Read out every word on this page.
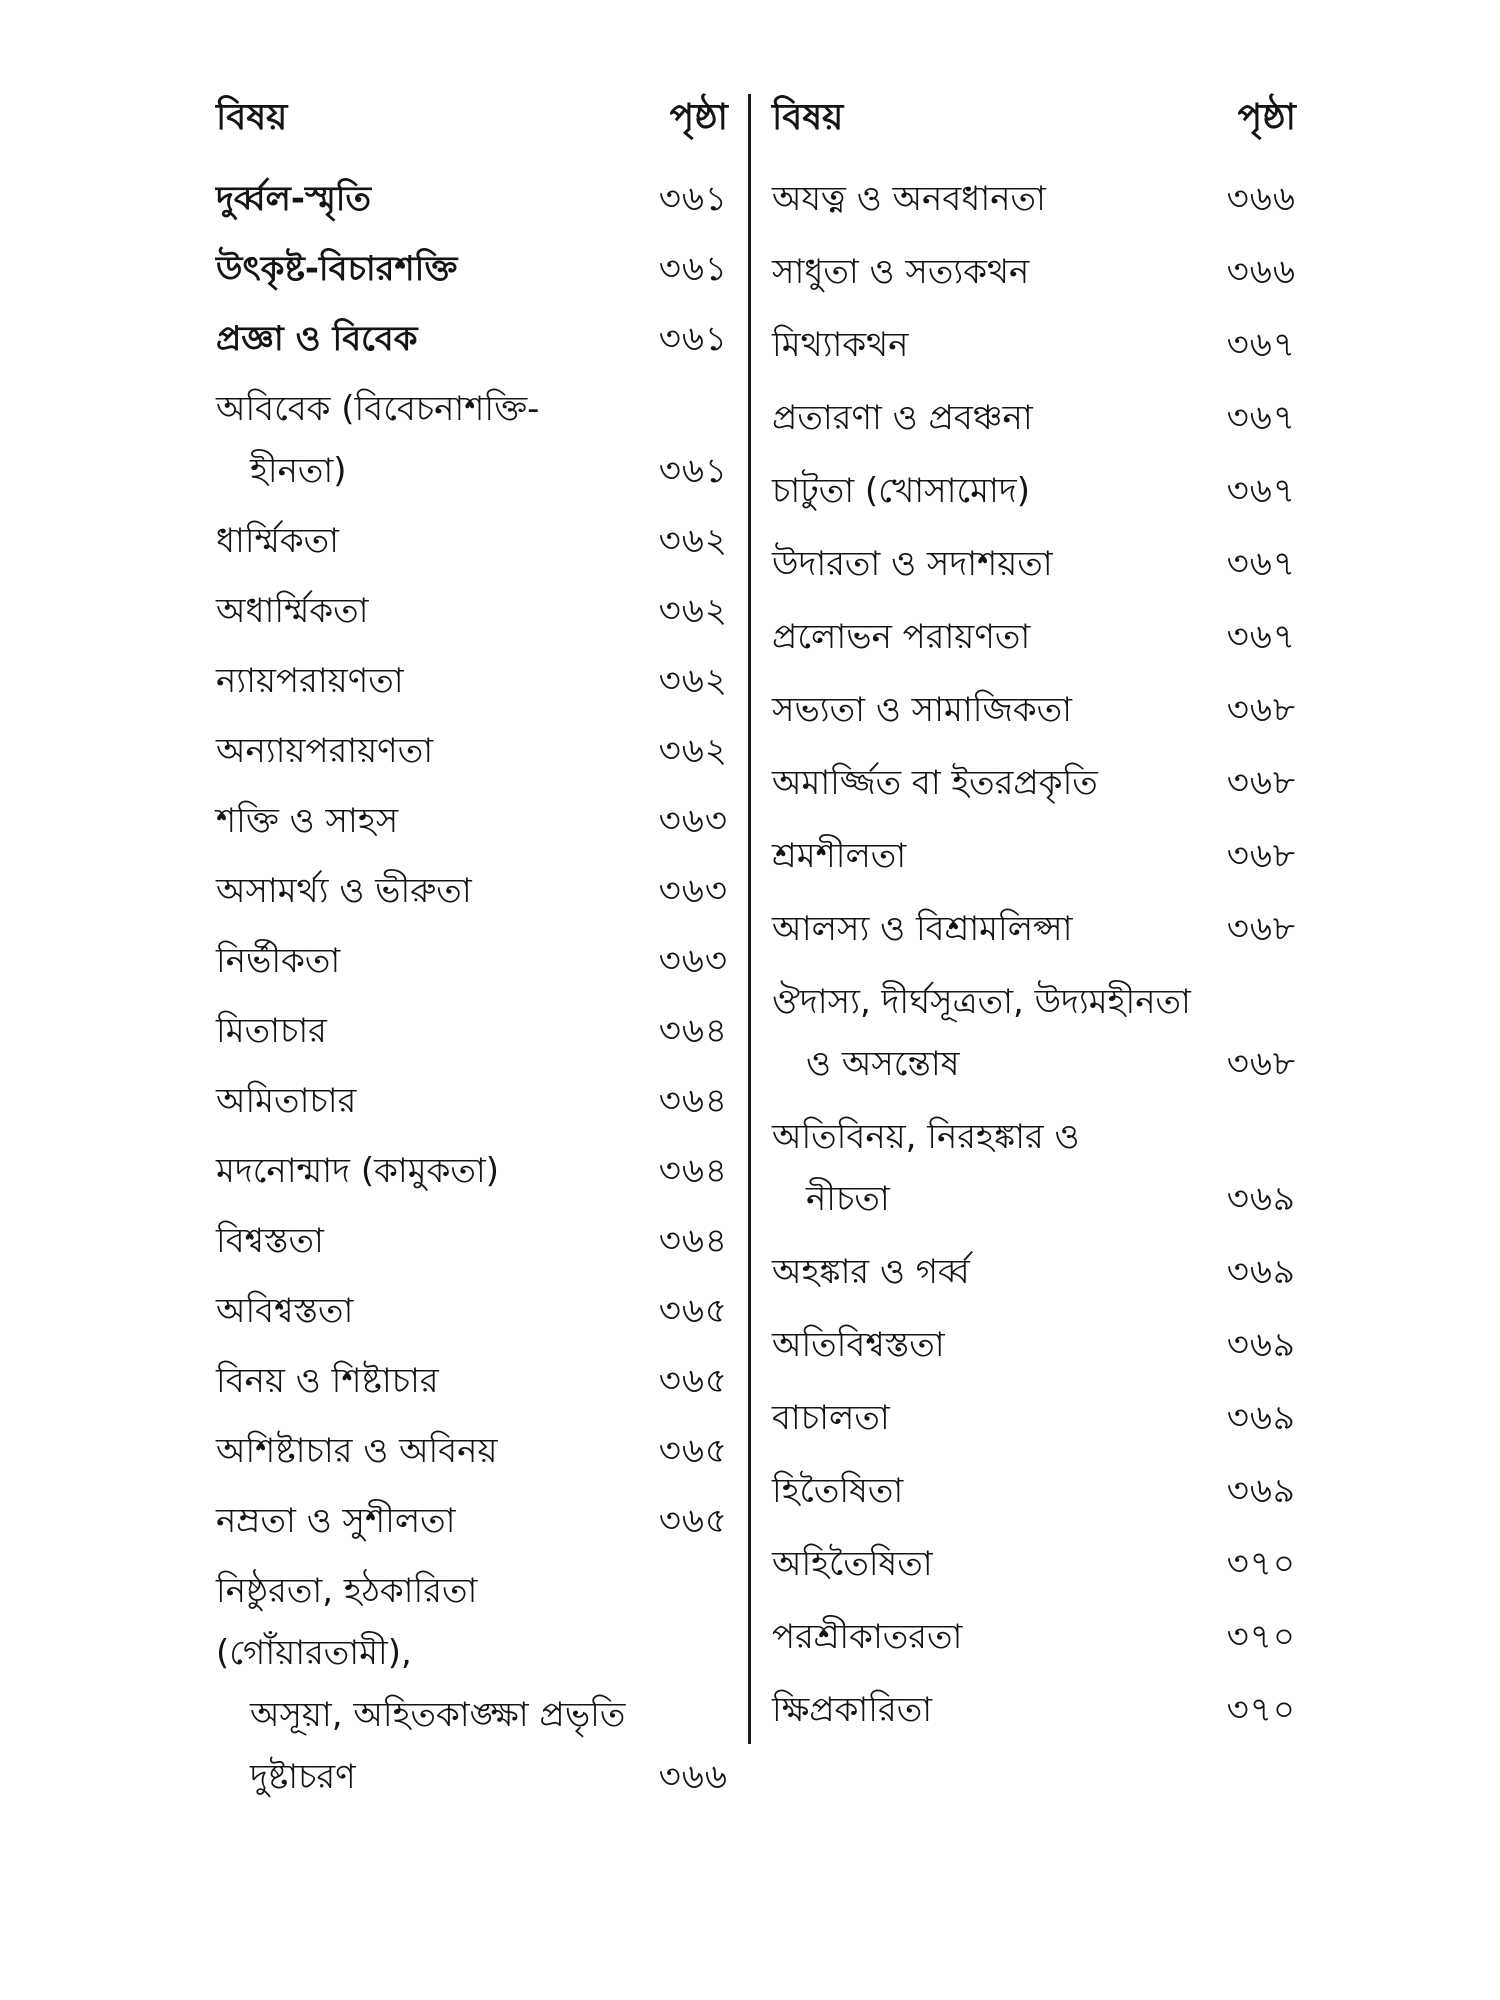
বিষয়	পৃষ্ঠা
দুর্ব্বল-স্মৃতি	৩৬১
উৎকৃষ্ট-বিচারশক্তি	৩৬১
প্রজ্ঞা ও বিবেক	৩৬১
অবিবেক (বিবেচনাশক্তি-
হীনতা)	৩৬১
ধার্ম্মিকতা	৩৬২
অধার্ম্মিকতা	৩৬২
ন্যায়পরায়ণতা	৩৬২
অন্যায়পরায়ণতা	৩৬২
শক্তি ও সাহস	৩৬৩
অসামর্থ্য ও ভীরুতা	৩৬৩
নির্ভীকতা	৩৬৩
মিতাচার	৩৬৪
অমিতাচার	৩৬৪
মদনোন্মাদ (কামুকতা)	৩৬৪
বিশ্বস্ততা	৩৬৪
অবিশ্বস্ততা	৩৬৫
বিনয় ও শিষ্টাচার	৩৬৫
অশিষ্টাচার ও অবিনয়	৩৬৫
নম্রতা ও সুশীলতা	৩৬৫
নিষ্ঠুরতা, হঠকারিতা (গোঁয়ারতামী),
অসূয়া, অহিতকাঙ্ক্ষা প্রভৃতি
দুষ্টাচরণ	৩৬৬
বিষয়	পৃষ্ঠা
অযত্ন ও অনবধানতা	৩৬৬
সাধুতা ও সত্যকথন	৩৬৬
মিথ্যাকথন	৩৬৭
প্রতারণা ও প্রবঞ্চনা	৩৬৭
চাটুতা (খোসামোদ)	৩৬৭
উদারতা ও সদাশয়তা	৩৬৭
প্রলোভন পরায়ণতা	৩৬৭
সভ্যতা ও সামাজিকতা	৩৬৮
অমার্জ্জিত বা ইতরপ্রকৃতি	৩৬৮
শ্রমশীলতা	৩৬৮
আলস্য ও বিশ্রামলিপ্সা	৩৬৮
ঔদাস্য, দীর্ঘসূত্রতা, উদ্যমহীনতা
ও অসন্তোষ	৩৬৮
অতিবিনয়, নিরহঙ্কার ও
নীচতা	৩৬৯
অহঙ্কার ও গর্ব্ব	৩৬৯
অতিবিশ্বস্ততা	৩৬৯
বাচালতা	৩৬৯
হিতৈষিতা	৩৬৯
অহিতৈষিতা	৩৭০
পরশ্রীকাতরতা	৩৭০
ক্ষিপ্রকারিতা	৩৭০
